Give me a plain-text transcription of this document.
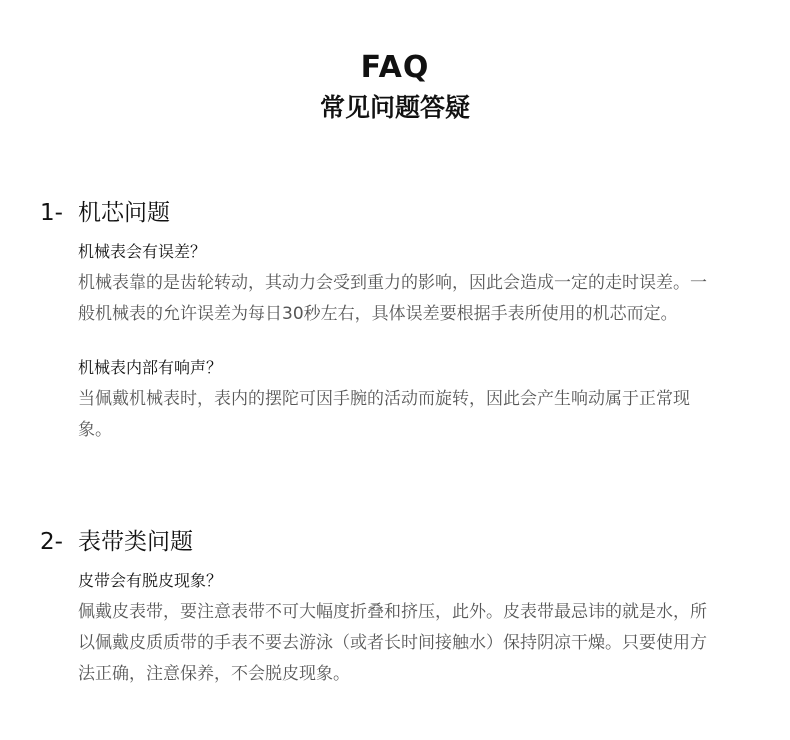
FAQ
常见问题答疑
1- 机芯问题
机械表会有误差？
机械表靠的是齿轮转动，其动力会受到重力的影响，因此会造成一定的走时误差。一般机械表的允许误差为每日30秒左右，具体误差要根据手表所使用的机芯而定。
机械表内部有响声？
当佩戴机械表时，表内的摆陀可因手腕的活动而旋转，因此会产生响动属于正常现象。
2- 表带类问题
皮带会有脱皮现象？
佩戴皮表带，要注意表带不可大幅度折叠和挤压，此外。皮表带最忌讳的就是水，所以佩戴皮质质带的手表不要去游泳（或者长时间接触水）保持阴凉干燥。只要使用方法正确，注意保养，不会脱皮现象。
